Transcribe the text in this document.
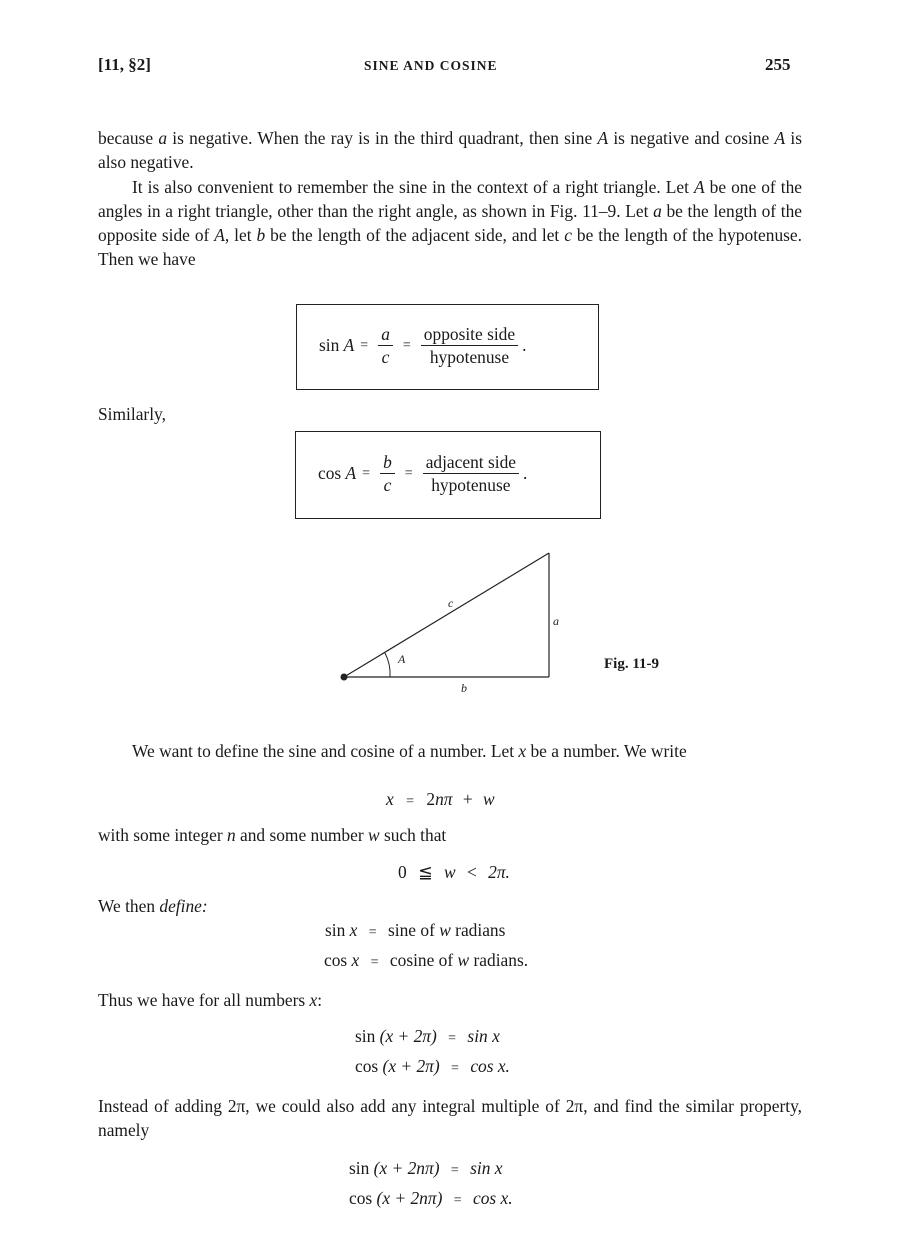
[11, §2]	SINE AND COSINE	255

because a is negative. When the ray is in the third quadrant, then sine A is negative and cosine A is also negative.

It is also convenient to remember the sine in the context of a right triangle. Let A be one of the angles in a right triangle, other than the right angle, as shown in Fig. 11–9. Let a be the length of the opposite side of A, let b be the length of the adjacent side, and let c be the length of the hypotenuse. Then we have

sin
$A = \frac{a}{c} = \frac{\text{opposite side}}{\text{hypotenuse}}$ .
Similarly,
cos
$A = \frac{b}{c} = \frac{\text{adjacent side}}{\text{hypotenuse}}$ .
c
a
b
A	Fig. 11-9

We want to define the sine and cosine of a number. Let x be a number. We write

x = 2nπ + w
with some integer n and some number w such that
0 ≦ w < 2π.
We then define:
sin x = sine of w radians
cos x = cosine of w radians.
Thus we have for all numbers x:
sin (x + 2π) = sin x
cos (x + 2π) = cos x.

Instead of adding 2π, we could also add any integral multiple of 2π, and find the similar property, namely

sin (x + 2nπ) = sin x
cos (x + 2nπ) = cos x.
